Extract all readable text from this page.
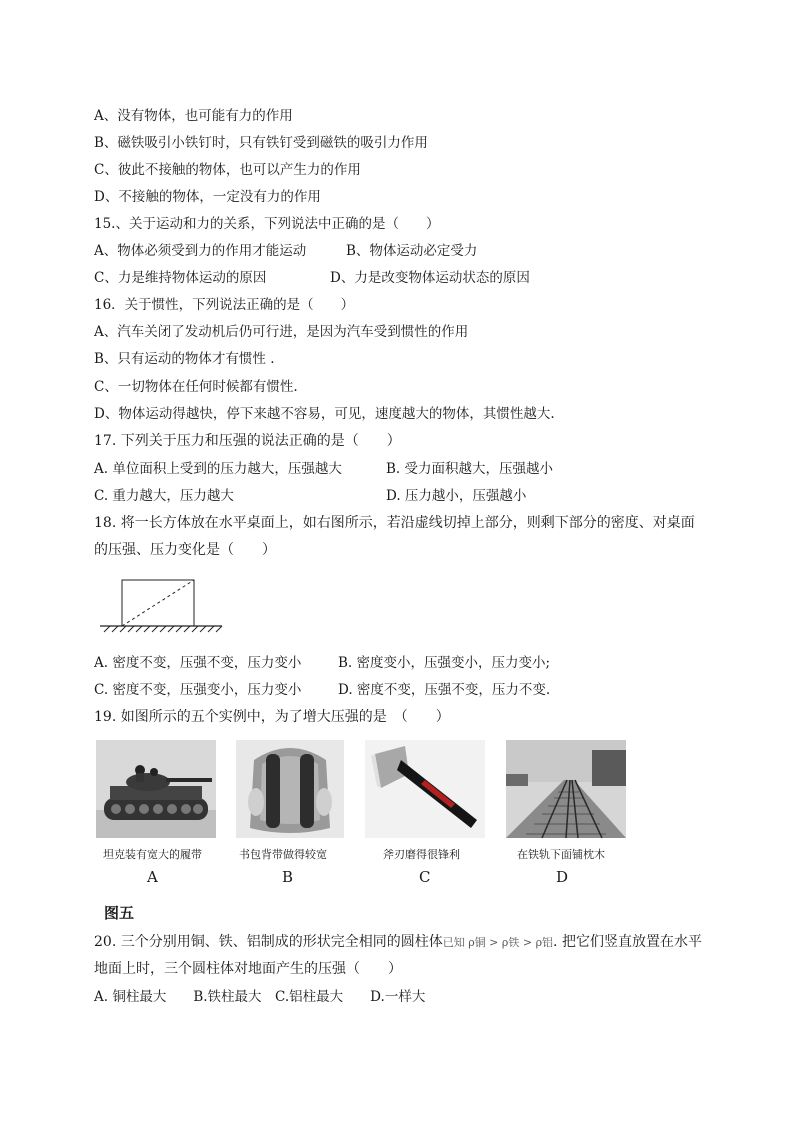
A、没有物体，也可能有力的作用
B、磁铁吸引小铁钉时，只有铁钉受到磁铁的吸引力作用
C、彼此不接触的物体，也可以产生力的作用
D、不接触的物体，一定没有力的作用
15.、关于运动和力的关系，下列说法中正确的是（　　）
A、物体必须受到力的作用才能运动	B、物体运动必定受力
C、力是维持物体运动的原因	D、力是改变物体运动状态的原因
16．关于惯性，下列说法正确的是（　　）
A、汽车关闭了发动机后仍可行进，是因为汽车受到惯性的作用
B、只有运动的物体才有惯性 .
C、一切物体在任何时候都有惯性.
D、物体运动得越快，停下来越不容易，可见，速度越大的物体，其惯性越大.
17. 下列关于压力和压强的说法正确的是（　　）
A. 单位面积上受到的压力越大，压强越大	B. 受力面积越大，压强越小
C. 重力越大，压力越大	D. 压力越小，压强越小
18. 将一长方体放在水平桌面上，如右图所示，若沿虚线切掉上部分，则剩下部分的密度、对桌面
的压强、压力变化是（　　）
A. 密度不变，压强不变，压力变小	B. 密度变小，压强变小，压力变小;
C. 密度不变，压强变小，压力变小	D. 密度不变，压强不变，压力不变.
19. 如图所示的五个实例中，为了增大压强的是　（　　）
坦克装有宽大的履带	书包背带做得较宽	斧刃磨得很锋利	在铁轨下面铺枕木
A	B	C	D
图五
20. 三个分别用铜、铁、铝制成的形状完全相同的圆柱体已知 ρ铜 > ρ铁 > ρ铝. 把它们竖直放置在水平
地面上时，三个圆柱体对地面产生的压强（　　）
A. 铜柱最大　　B.铁柱最大　C.铝柱最大　　D.一样大
